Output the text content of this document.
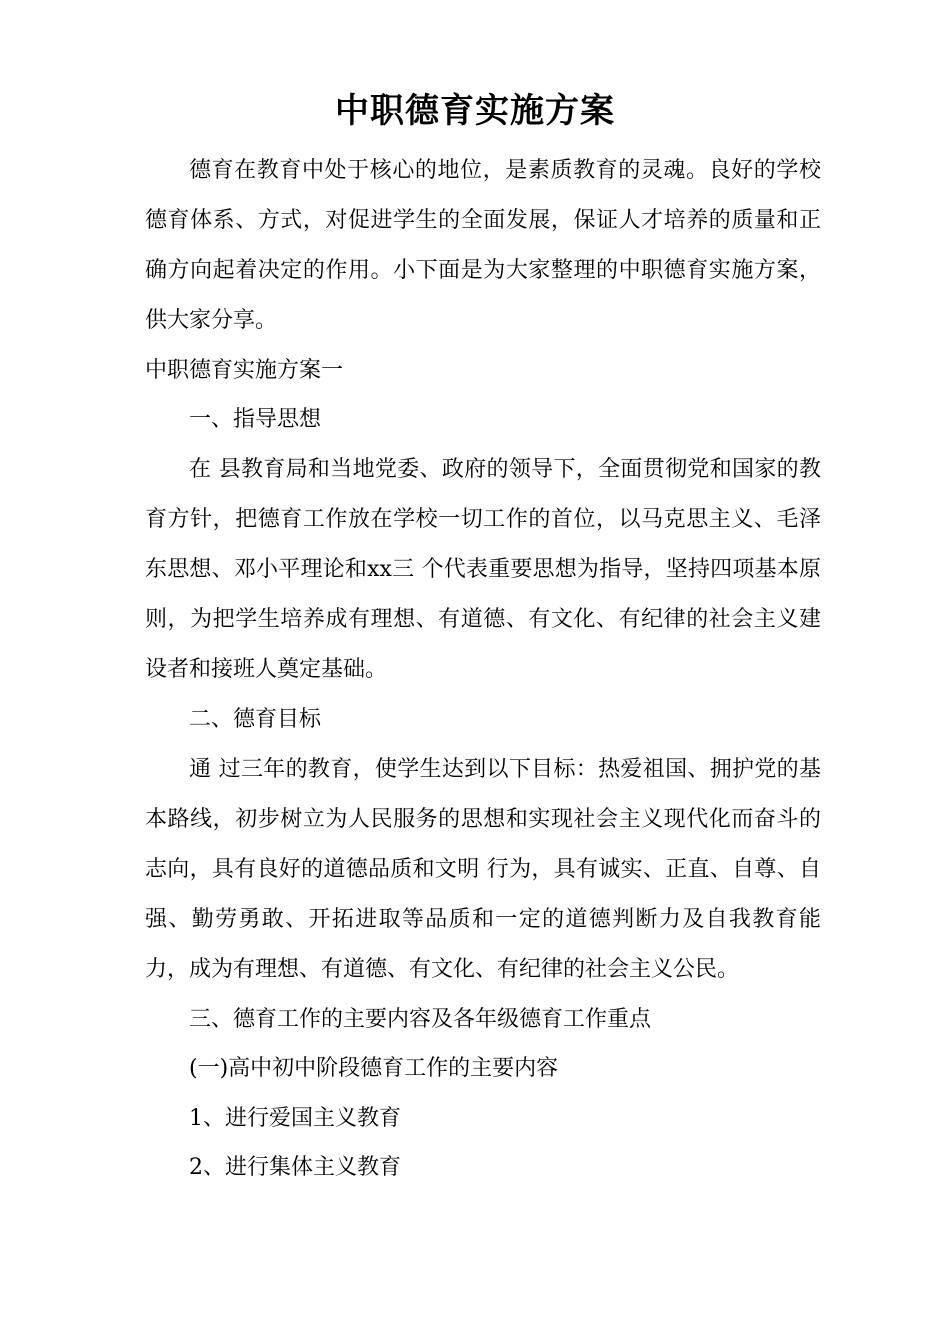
中职德育实施方案

德育在教育中处于核心的地位，是素质教育的灵魂。良好的学校德育体系、方式，对促进学生的全面发展，保证人才培养的质量和正确方向起着决定的作用。小下面是为大家整理的中职德育实施方案，供大家分享。

中职德育实施方案一

一、指导思想

在 县教育局和当地党委、政府的领导下，全面贯彻党和国家的教育方针，把德育工作放在学校一切工作的首位，以马克思主义、毛泽东思想、邓小平理论和xx三 个代表重要思想为指导，坚持四项基本原则，为把学生培养成有理想、有道德、有文化、有纪律的社会主义建设者和接班人奠定基础。

二、德育目标

通 过三年的教育，使学生达到以下目标：热爱祖国、拥护党的基本路线，初步树立为人民服务的思想和实现社会主义现代化而奋斗的志向，具有良好的道德品质和文明 行为，具有诚实、正直、自尊、自强、勤劳勇敢、开拓进取等品质和一定的道德判断力及自我教育能力，成为有理想、有道德、有文化、有纪律的社会主义公民。

三、德育工作的主要内容及各年级德育工作重点

(一)高中初中阶段德育工作的主要内容

1、进行爱国主义教育

2、进行集体主义教育
